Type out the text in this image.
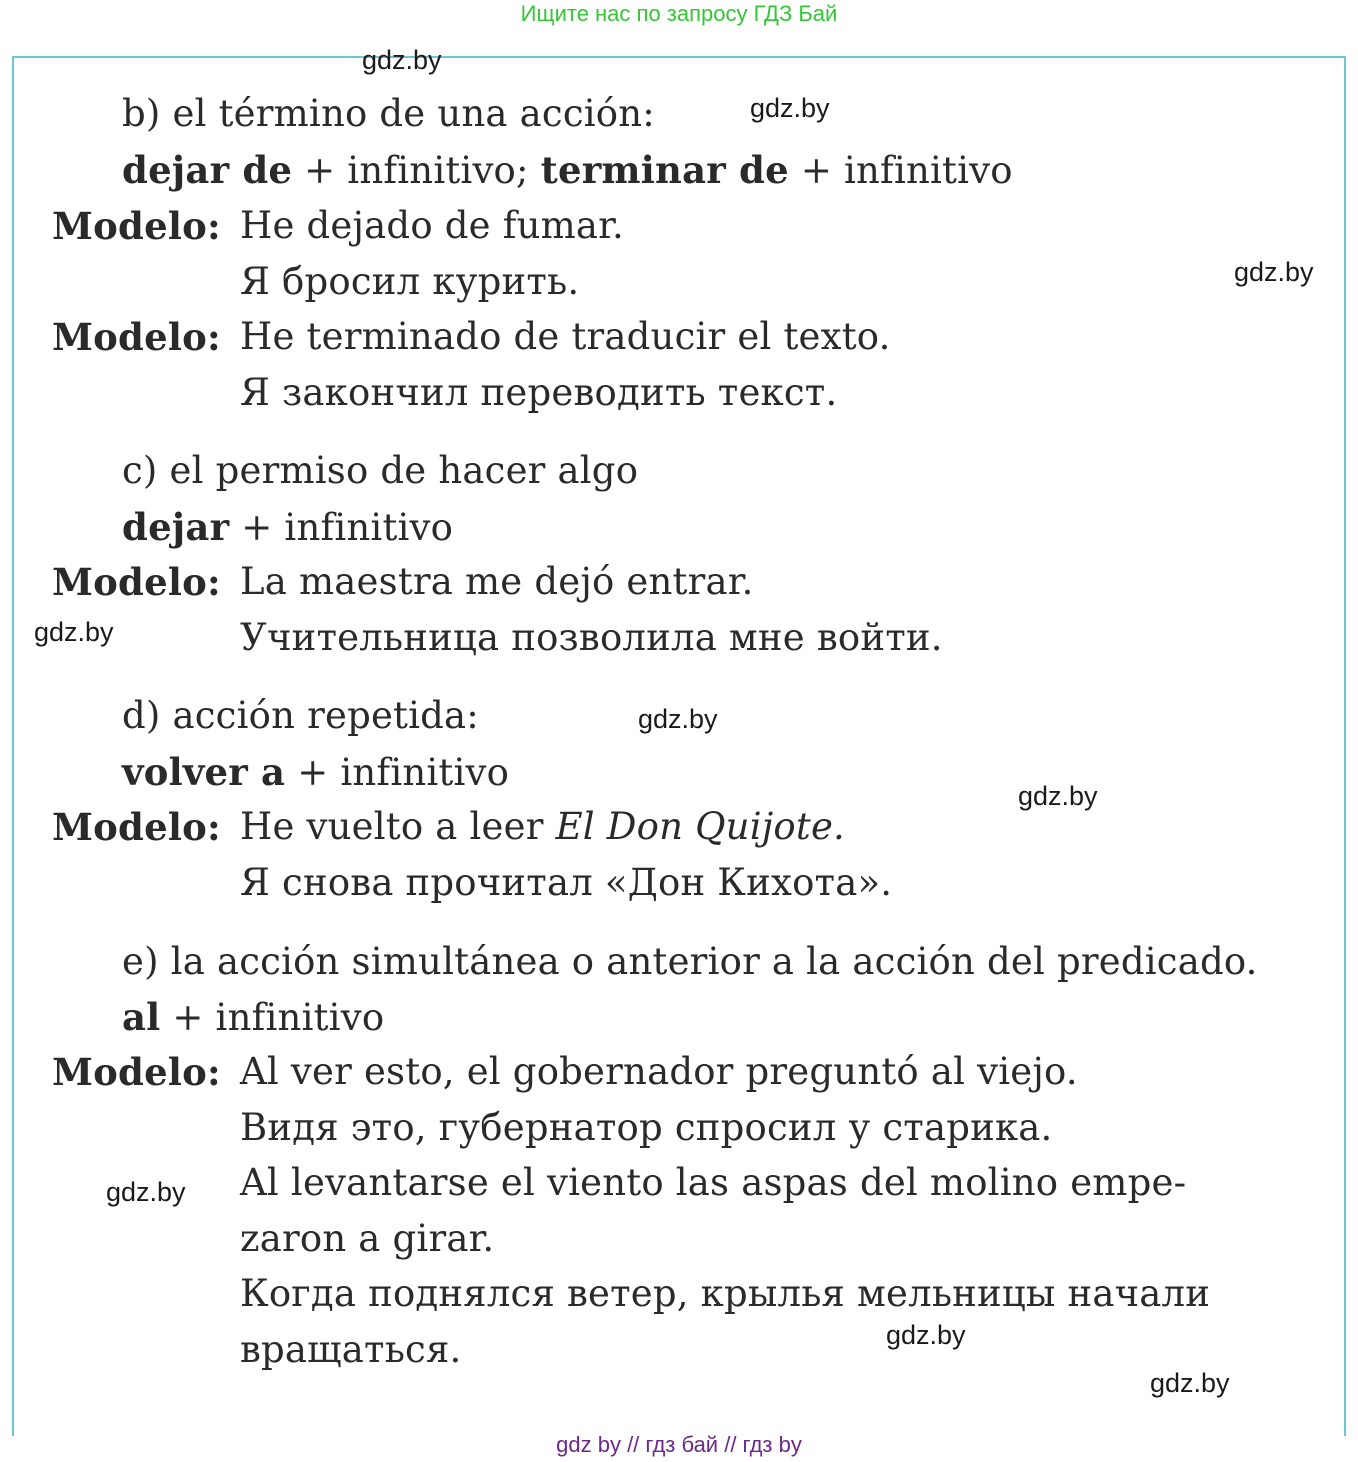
Ищите нас по запросу ГДЗ Бай
b) el término de una acción:
dejar de + infinitivo; terminar de + infinitivo
Modelo: He dejado de fumar.
Я бросил курить.
Modelo: He terminado de traducir el texto.
Я закончил переводить текст.
c) el permiso de hacer algo
dejar + infinitivo
Modelo: La maestra me dejó entrar.
Учительница позволила мне войти.
d) acción repetida:
volver a + infinitivo
Modelo: He vuelto a leer El Don Quijote.
Я снова прочитал «Дон Кихота».
e) la acción simultánea o anterior a la acción del predicado.
al + infinitivo
Modelo: Al ver esto, el gobernador preguntó al viejo.
Видя это, губернатор спросил у старика.
Al levantarse el viento las aspas del molino empe-
zaron a girar.
Когда поднялся ветер, крылья мельницы начали
вращаться.
gdz.by
gdz.by
gdz.by
gdz.by
gdz.by
gdz.by
gdz.by
gdz.by
gdz.by
gdz by // гдз бай // гдз by
